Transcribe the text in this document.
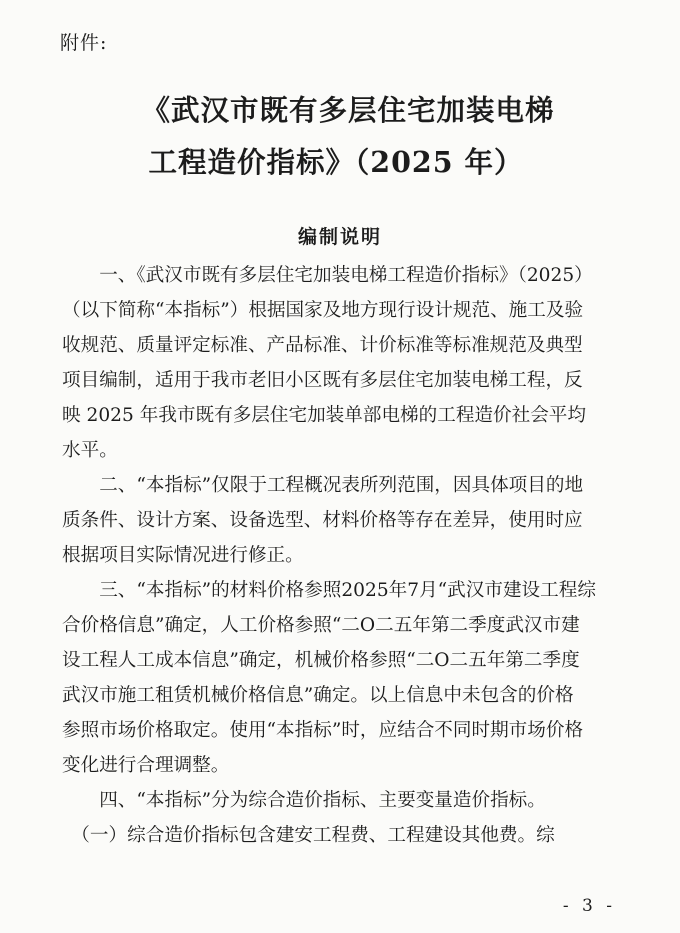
附件:
《武汉市既有多层住宅加装电梯
工程造价指标》（2025 年）
编制说明
　　一、《武汉市既有多层住宅加装电梯工程造价指标》（2025）
（以下简称“本指标”）根据国家及地方现行设计规范、施工及验
收规范、质量评定标准、产品标准、计价标准等标准规范及典型
项目编制，适用于我市老旧小区既有多层住宅加装电梯工程，反
映 2025 年我市既有多层住宅加装单部电梯的工程造价社会平均
水平。
　　二、“本指标”仅限于工程概况表所列范围，因具体项目的地
质条件、设计方案、设备选型、材料价格等存在差异，使用时应
根据项目实际情况进行修正。
　　三、“本指标”的材料价格参照2025年7月“武汉市建设工程综
合价格信息”确定，人工价格参照“二O二五年第二季度武汉市建
设工程人工成本信息”确定，机械价格参照“二O二五年第二季度
武汉市施工租赁机械价格信息”确定。以上信息中未包含的价格
参照市场价格取定。使用“本指标”时，应结合不同时期市场价格
变化进行合理调整。
　　四、“本指标”分为综合造价指标、主要变量造价指标。
　（一）综合造价指标包含建安工程费、工程建设其他费。综
- 3 -
